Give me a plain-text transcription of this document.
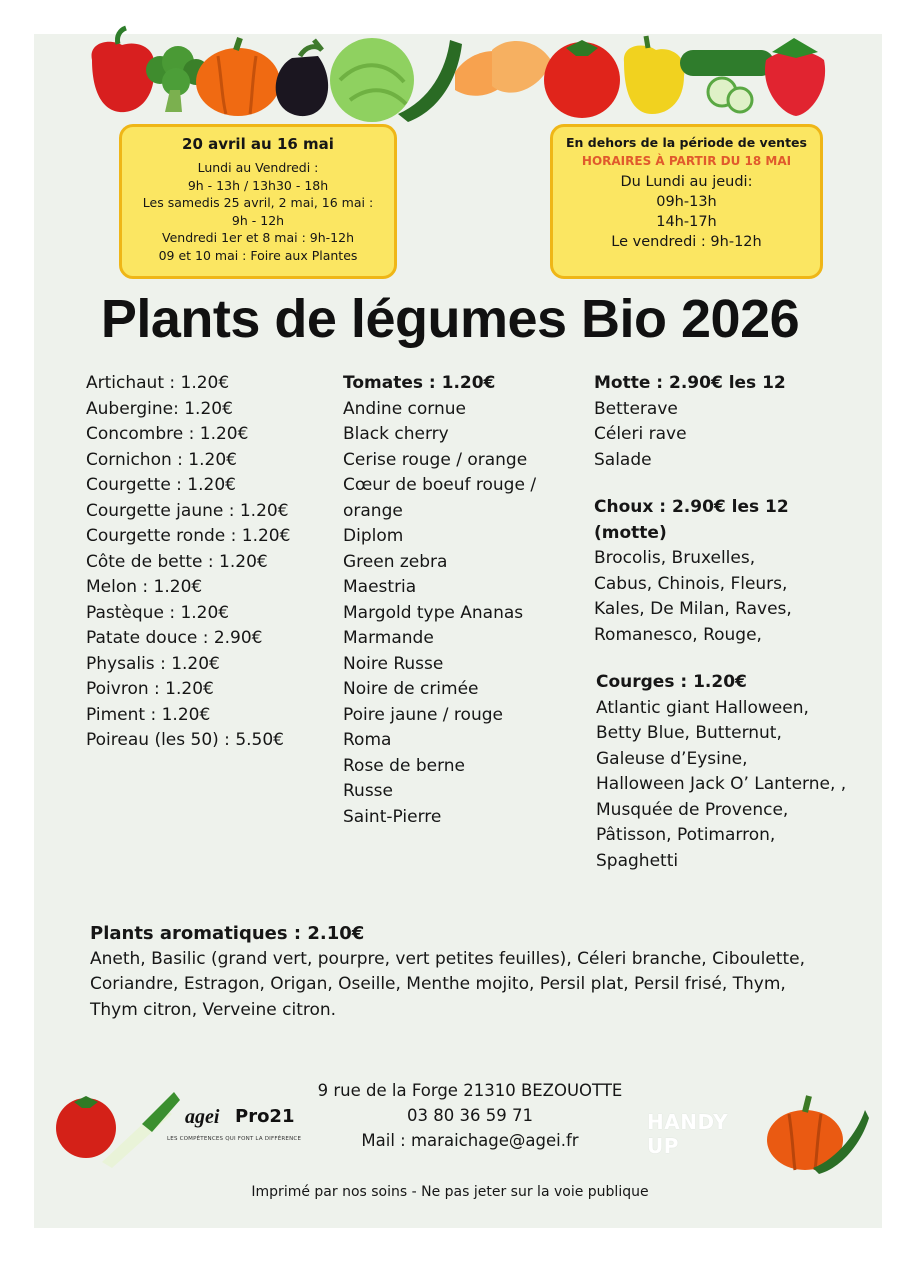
20 avril au 16 mai
Lundi au Vendredi :
9h - 13h / 13h30 - 18h
Les samedis 25 avril, 2 mai, 16 mai :
9h - 12h
Vendredi 1er et 8 mai : 9h-12h
09 et 10 mai : Foire aux Plantes
En dehors de la période de ventes
HORAIRES À PARTIR DU 18 MAI
Du Lundi au jeudi:
09h-13h
14h-17h
Le vendredi : 9h-12h
Plants de légumes Bio 2026
Artichaut : 1.20€
Aubergine: 1.20€
Concombre : 1.20€
Cornichon : 1.20€
Courgette : 1.20€
Courgette jaune : 1.20€
Courgette ronde : 1.20€
Côte de bette : 1.20€
Melon : 1.20€
Pastèque : 1.20€
Patate douce : 2.90€
Physalis : 1.20€
Poivron : 1.20€
Piment : 1.20€
Poireau (les 50) : 5.50€
Tomates : 1.20€
Andine cornue
Black cherry
Cerise rouge / orange
Cœur de boeuf rouge /
orange
Diplom
Green zebra
Maestria
Margold type Ananas
Marmande
Noire Russe
Noire de crimée
Poire jaune / rouge
Roma
Rose de berne
Russe
Saint-Pierre
Motte : 2.90€ les 12
Betterave
Céleri rave
Salade
Choux : 2.90€ les 12
(motte)
Brocolis, Bruxelles,
Cabus, Chinois, Fleurs,
Kales, De Milan, Raves,
Romanesco, Rouge,
Courges : 1.20€
Atlantic giant Halloween,
Betty Blue, Butternut,
Galeuse d’Eysine,
Halloween Jack O’ Lanterne, ,
Musquée de Provence,
Pâtisson, Potimarron,
Spaghetti
Plants aromatiques : 2.10€
Aneth, Basilic (grand vert, pourpre, vert petites feuilles), Céleri branche, Ciboulette,
Coriandre, Estragon, Origan, Oseille, Menthe mojito, Persil plat, Persil frisé, Thym,
Thym citron, Verveine citron.
agei Pro21
LES COMPÉTENCES QUI FONT LA DIFFÉRENCE
9 rue de la Forge 21310 BEZOUOTTE
03 80 36 59 71
Mail : maraichage@agei.fr
HANDY UP
Imprimé par nos soins - Ne pas jeter sur la voie publique
